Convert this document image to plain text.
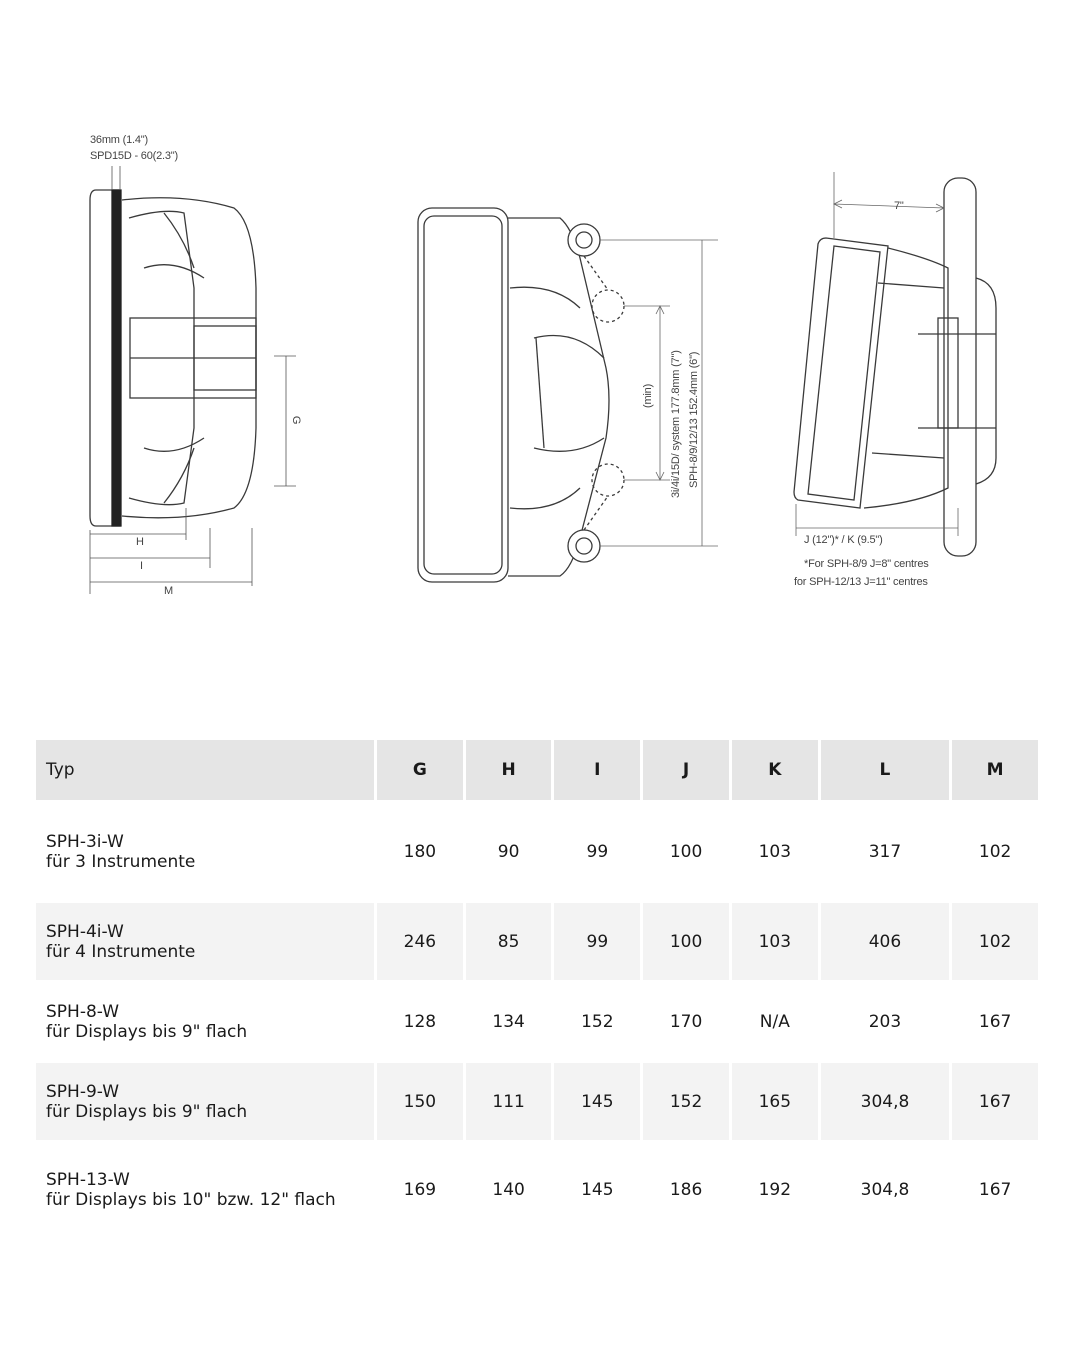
36mm (1.4")
SPD15D - 60(2.3")
G
H
I
M
(min) 3i/4i/15D/ system 177.8mm (7") SPH-8/9/12/13 152.4mm (6")
7"
J (12")* / K (9.5")
*For SPH-8/9 J=8" centres
for SPH-12/13 J=11" centres
Typ	G	H	I	J	K	L	M

SPH-3i-W
für 3 Instrumente	180	90	99	100	103	317	102

SPH-4i-W
für 4 Instrumente	246	85	99	100	103	406	102

SPH-8-W
für Displays bis 9" flach	128	134	152	170	N/A	203	167

SPH-9-W
für Displays bis 9" flach	150	111	145	152	165	304,8	167

SPH-13-W
für Displays bis 10" bzw. 12" flach	169	140	145	186	192	304,8	167
